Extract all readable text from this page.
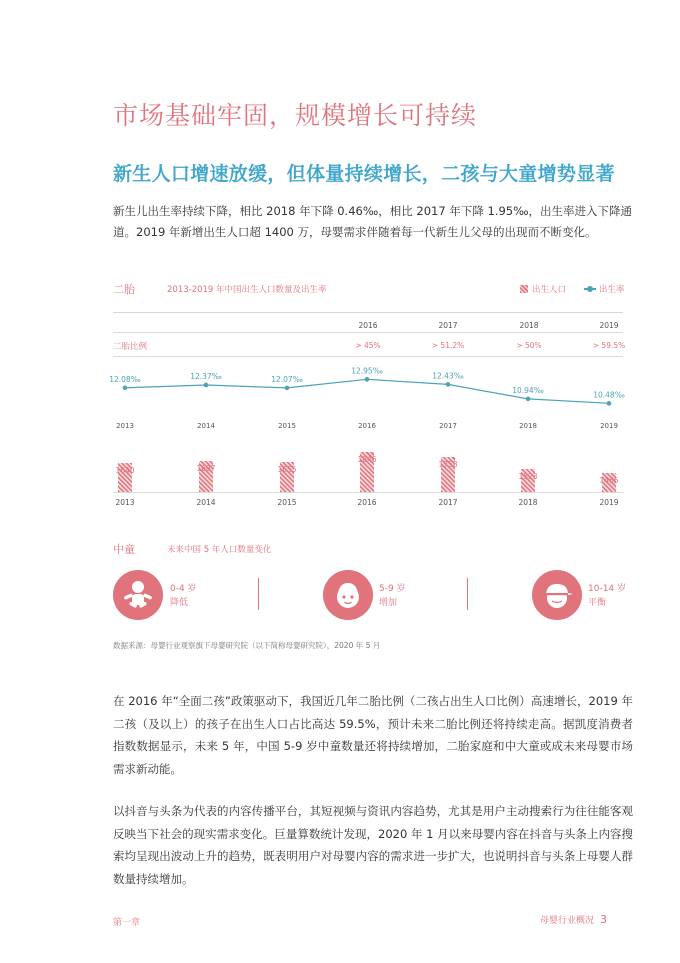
市场基础牢固，规模增长可持续
新生人口增速放缓，但体量持续增长，二孩与大童增势显著
新生儿出生率持续下降，相比 2018 年下降 0.46‰，相比 2017 年下降 1.95‰，出生率进入下降通道。2019 年新增出生人口超 1400 万，母婴需求伴随着每一代新生儿父母的出现而不断变化。
二胎	2013-2019 年中国出生人口数量及出生率	出生人口	出生率
2016	2017	2018	2019
二胎比例	> 45%	> 51.2%	> 50%	> 59.5%
12.08‰
2013
12.37‰
2014
12.07‰
2015
12.95‰
2016
12.43‰
2017
10.94‰
2018
10.48‰
2019
1640
2013
1687
2014
1655
2015
1846
2016
1758
2017
1523
2018
1465
2019
中童	未来中国 5 年人口数量变化
0-4 岁
降低
5-9 岁
增加
10-14 岁
平衡
数据来源：母婴行业观察旗下母婴研究院（以下简称母婴研究院），2020 年 5 月
在 2016 年“全面二孩”政策驱动下，我国近几年二胎比例（二孩占出生人口比例）高速增长，2019 年二孩（及以上）的孩子在出生人口占比高达 59.5%，预计未来二胎比例还将持续走高。据凯度消费者指数数据显示，未来 5 年，中国 5-9 岁中童数量还将持续增加，二胎家庭和中大童或成未来母婴市场需求新动能。
以抖音与头条为代表的内容传播平台，其短视频与资讯内容趋势，尤其是用户主动搜索行为往往能客观反映当下社会的现实需求变化。巨量算数统计发现，2020 年 1 月以来母婴内容在抖音与头条上内容搜索均呈现出波动上升的趋势，既表明用户对母婴内容的需求进一步扩大，也说明抖音与头条上母婴人群数量持续增加。
第一章	母婴行业概况 3
